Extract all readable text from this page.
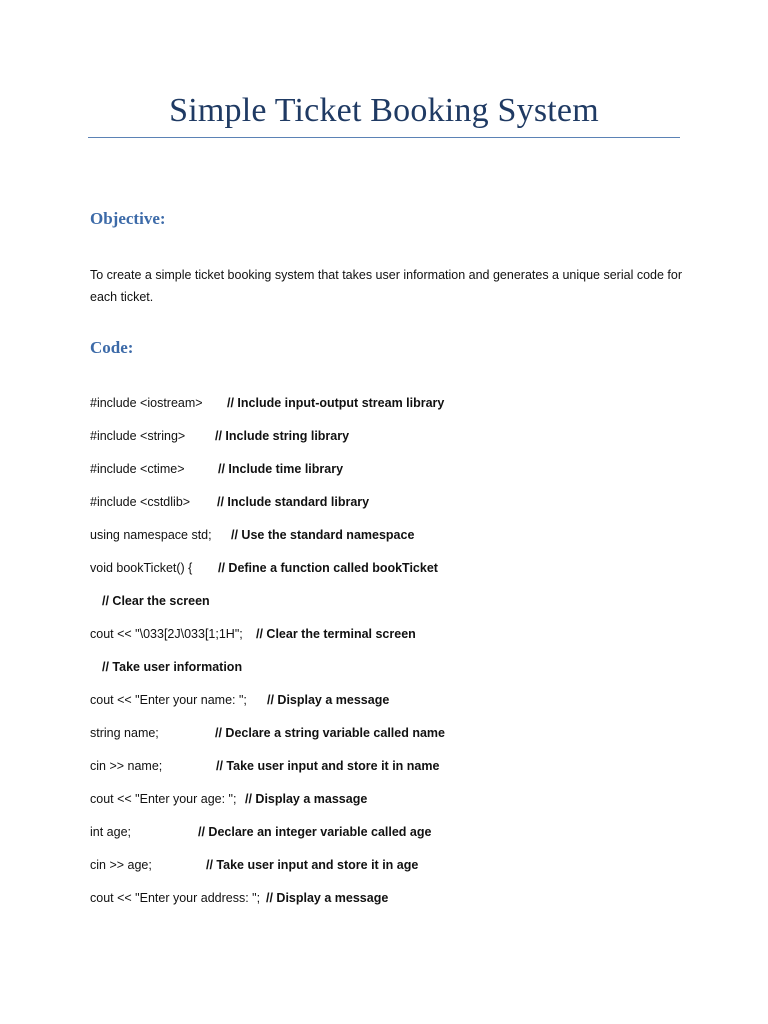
Simple Ticket Booking System
Objective:

To create a simple ticket booking system that takes user information and generates a unique serial code for each ticket.

Code:
#include <iostream> // Include input-output stream library
#include <string> // Include string library
#include <ctime>	// Include time library
#include <cstdlib> // Include standard library
using namespace std; // Use the standard namespace
void bookTicket() { // Define a function called bookTicket
// Clear the screen
cout << "\033[2J\033[1;1H"; // Clear the terminal screen
// Take user information
cout << "Enter your name: "; // Display a message
string name;	// Declare a string variable called name
cin >> name;	// Take user input and store it in name
cout << "Enter your age: "; // Display a massage
int age;	// Declare an integer variable called age
cin >> age;	// Take user input and store it in age
cout << "Enter your address: "; // Display a message
